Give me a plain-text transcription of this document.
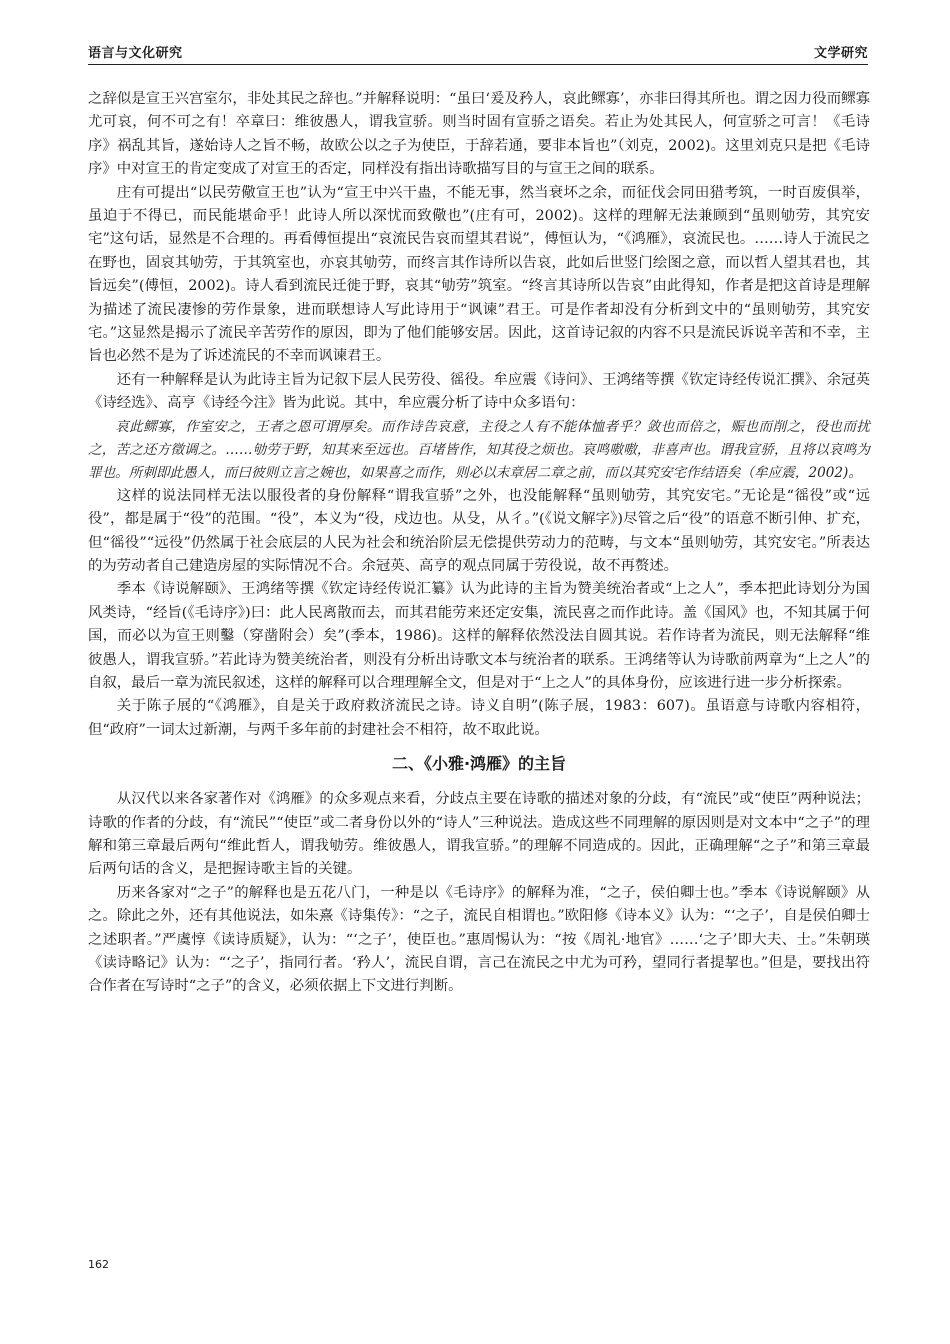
语言与文化研究	文学研究

之辞似是宣王兴宫室尔，非处其民之辞也。”并解释说明：“虽曰‘爰及矜人，哀此鳏寡’，亦非曰得其所也。谓之因力役而鳏寡尤可哀，何不可之有！卒章曰：维彼愚人，谓我宣骄。则当时固有宣骄之语矣。若止为处其民人，何宣骄之可言！《毛诗序》祸乱其旨，遂始诗人之旨不畅，故欧公以之子为使臣，于辞若通，要非本旨也”（刘克，2002)。这里刘克只是把《毛诗序》中对宣王的肯定变成了对宣王的否定，同样没有指出诗歌描写目的与宣王之间的联系。

庄有可提出“以民劳儆宣王也”认为“宣王中兴干蛊，不能无事，然当衰坏之余，而征伐会同田猎考筑，一时百废俱举，虽迫于不得已，而民能堪命乎！此诗人所以深忧而致儆也”(庄有可，2002)。这样的理解无法兼顾到“虽则劬劳，其究安宅”这句话，显然是不合理的。再看傅恒提出“哀流民告哀而望其君说”，傅恒认为，“《鸿雁》，哀流民也。……诗人于流民之在野也，固哀其劬劳，于其筑室也，亦哀其劬劳，而终言其作诗所以告哀，此如后世竖门绘图之意，而以哲人望其君也，其旨远矣”(傅恒，2002)。诗人看到流民迁徙于野，哀其“劬劳”筑室。“终言其诗所以告哀”由此得知，作者是把这首诗是理解为描述了流民凄惨的劳作景象，进而联想诗人写此诗用于“讽谏”君王。可是作者却没有分析到文中的“虽则劬劳，其究安宅。”这显然是揭示了流民辛苦劳作的原因，即为了他们能够安居。因此，这首诗记叙的内容不只是流民诉说辛苦和不幸，主旨也必然不是为了诉述流民的不幸而讽谏君王。

还有一种解释是认为此诗主旨为记叙下层人民劳役、徭役。牟应震《诗问》、王鸿绪等撰《钦定诗经传说汇撰》、余冠英《诗经选》、高亨《诗经今注》皆为此说。其中，牟应震分析了诗中众多语句：

哀此鳏寡，作室安之，王者之恩可谓厚矣。而作诗告哀意，主役之人有不能体恤者乎？敛也而倍之，赈也而削之，役也而扰之，苦之还方徵调之。……劬劳于野，知其来至远也。百堵皆作，知其役之烦也。哀鸣嗷嗷，非喜声也。谓我宣骄，且将以哀鸣为罪也。所刺即此愚人，而曰彼则立言之婉也，如果喜之而作，则必以末章居二章之前，而以其究安宅作结语矣（牟应震，2002)。

这样的说法同样无法以服役者的身份解释“谓我宣骄”之外，也没能解释“虽则劬劳，其究安宅。”无论是“徭役”或“远役”，都是属于“役”的范围。“役”，本义为“役，戍边也。从殳，从彳。”(《说文解字》)尽管之后“役”的语意不断引伸、扩充，但“徭役”“远役”仍然属于社会底层的人民为社会和统治阶层无偿提供劳动力的范畴，与文本“虽则劬劳，其究安宅。”所表达的为劳动者自己建造房屋的实际情况不合。余冠英、高亨的观点同属于劳役说，故不再赘述。

季本《诗说解颐》、王鸿绪等撰《钦定诗经传说汇纂》认为此诗的主旨为赞美统治者或“上之人”，季本把此诗划分为国风类诗，“经旨(《毛诗序》)曰：此人民离散而去，而其君能劳来还定安集，流民喜之而作此诗。盖《国风》也，不知其属于何国，而必以为宣王则鑿（穿凿附会）矣”(季本，1986)。这样的解释依然没法自圆其说。若作诗者为流民，则无法解释“维彼愚人，谓我宣骄。”若此诗为赞美统治者，则没有分析出诗歌文本与统治者的联系。王鸿绪等认为诗歌前两章为“上之人”的自叙，最后一章为流民叙述，这样的解释可以合理理解全文，但是对于“上之人”的具体身份，应该进行进一步分析探索。

关于陈子展的“《鸿雁》，自是关于政府救济流民之诗。诗义自明”(陈子展，1983：607)。虽语意与诗歌内容相符，但“政府”一词太过新潮，与两千多年前的封建社会不相符，故不取此说。

二、《小雅·鸿雁》的主旨

从汉代以来各家著作对《鸿雁》的众多观点来看，分歧点主要在诗歌的描述对象的分歧，有“流民”或“使臣”两种说法；诗歌的作者的分歧，有“流民”“使臣”或二者身份以外的“诗人”三种说法。造成这些不同理解的原因则是对文本中“之子”的理解和第三章最后两句“维此哲人，谓我劬劳。维彼愚人，谓我宣骄。”的理解不同造成的。因此，正确理解“之子”和第三章最后两句话的含义，是把握诗歌主旨的关键。

历来各家对“之子”的解释也是五花八门，一种是以《毛诗序》的解释为准，“之子，侯伯卿士也。”季本《诗说解颐》从之。除此之外，还有其他说法，如朱熹《诗集传》：“之子，流民自相谓也。”欧阳修《诗本义》认为：“‘之子’，自是侯伯卿士之述职者。”严虞惇《读诗质疑》，认为：“‘之子’，使臣也。”惠周惕认为：“按《周礼·地官》……‘之子’即大夫、士。”朱朝瑛《读诗略记》认为：“‘之子’，指同行者。‘矜人’，流民自谓，言己在流民之中尤为可矜，望同行者提挈也。”但是，要找出符合作者在写诗时“之子”的含义，必须依据上下文进行判断。

162
